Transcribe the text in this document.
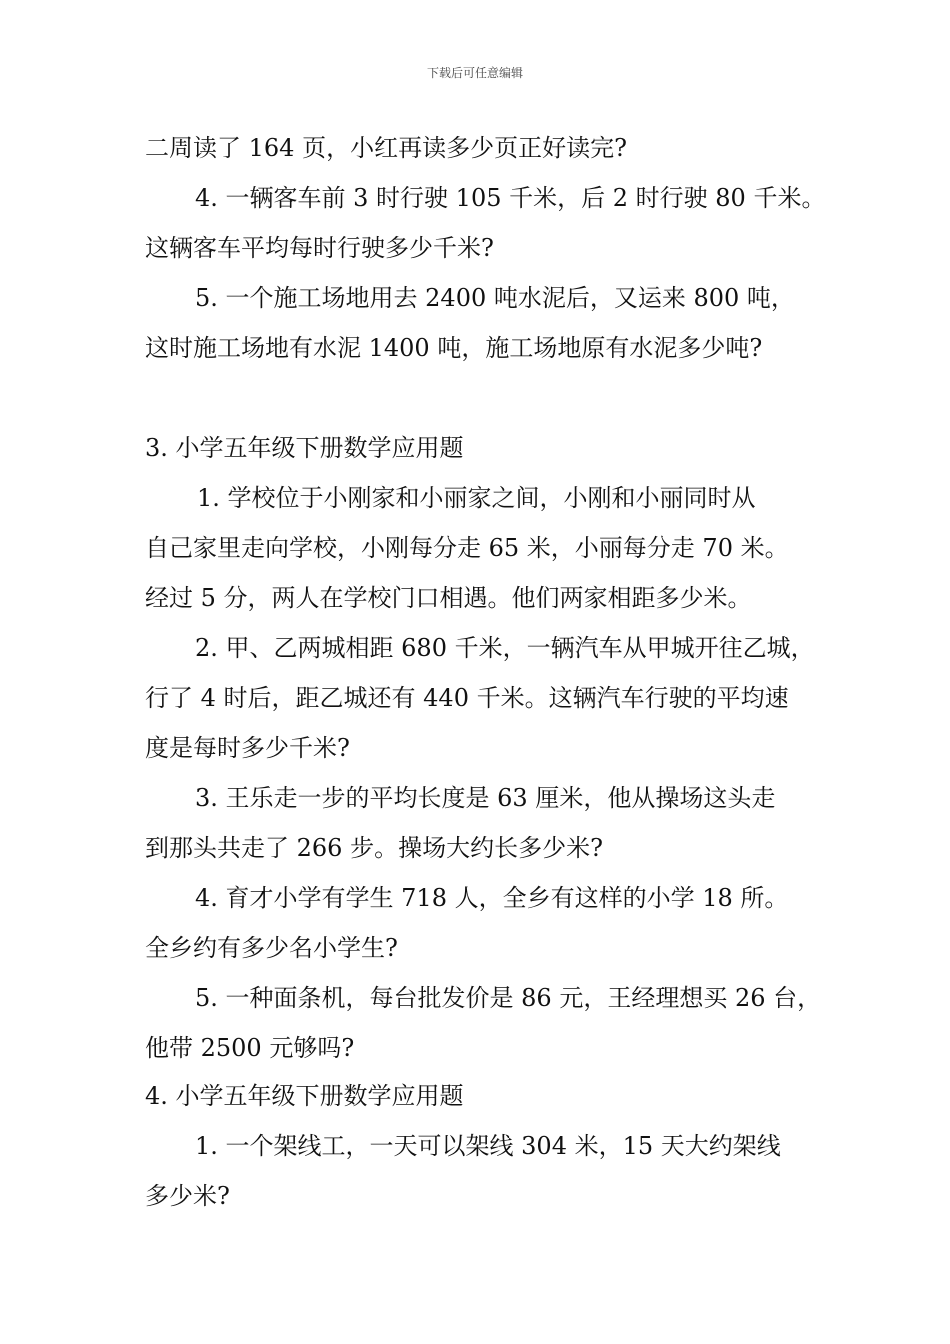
下载后可任意编辑
二周读了 164 页，小红再读多少页正好读完?
4. 一辆客车前 3 时行驶 105 千米，后 2 时行驶 80 千米。
这辆客车平均每时行驶多少千米?
5. 一个施工场地用去 2400 吨水泥后，又运来 800 吨，
这时施工场地有水泥 1400 吨，施工场地原有水泥多少吨?
3. 小学五年级下册数学应用题
1. 学校位于小刚家和小丽家之间，小刚和小丽同时从
自己家里走向学校，小刚每分走 65 米，小丽每分走 70 米。
经过 5 分，两人在学校门口相遇。他们两家相距多少米。
2. 甲、乙两城相距 680 千米，一辆汽车从甲城开往乙城，
行了 4 时后，距乙城还有 440 千米。这辆汽车行驶的平均速
度是每时多少千米?
3. 王乐走一步的平均长度是 63 厘米，他从操场这头走
到那头共走了 266 步。操场大约长多少米?
4. 育才小学有学生 718 人，全乡有这样的小学 18 所。
全乡约有多少名小学生?
5. 一种面条机，每台批发价是 86 元，王经理想买 26 台，
他带 2500 元够吗?
4. 小学五年级下册数学应用题
1. 一个架线工，一天可以架线 304 米，15 天大约架线
多少米?
